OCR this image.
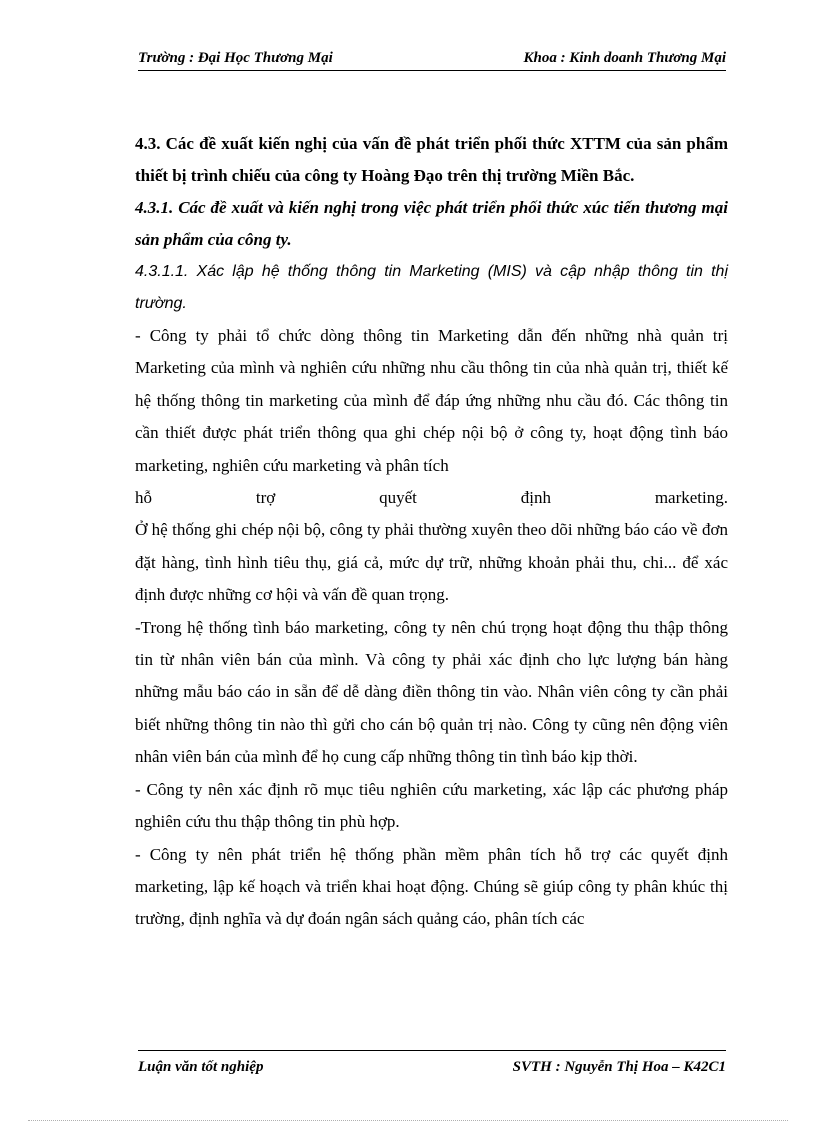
Trường : Đại Học Thương Mại	Khoa : Kinh doanh Thương Mại

4.3. Các đề xuất kiến nghị của vấn đề phát triển phối thức XTTM của sản phẩm thiết bị trình chiếu của công ty Hoàng Đạo trên thị trường Miền Bắc.

4.3.1. Các đề xuất và kiến nghị trong việc phát triển phối thức xúc tiến thương mại sản phẩm của công ty.

4.3.1.1. Xác lập hệ thống thông tin Marketing (MIS) và cập nhập thông tin thị trường.

- Công ty phải tổ chức dòng thông tin Marketing dẫn đến những nhà quản trị Marketing của mình và nghiên cứu những nhu cầu thông tin của nhà quản trị, thiết kế hệ thống thông tin marketing của mình để đáp ứng những nhu cầu đó. Các thông tin cần thiết được phát triển thông qua ghi chép nội bộ ở công ty, hoạt động tình báo marketing, nghiên cứu marketing và phân tích

hỗ	trợ	quyết	định	marketing.

Ở hệ thống ghi chép nội bộ, công ty phải thường xuyên theo dõi những báo cáo về đơn đặt hàng, tình hình tiêu thụ, giá cả, mức dự trữ, những khoản phải thu, chi... để xác định được những cơ hội và vấn đề quan trọng.

-Trong hệ thống tình báo marketing, công ty nên chú trọng hoạt động thu thập thông tin từ nhân viên bán của mình. Và công ty phải xác định cho lực lượng bán hàng những mẫu báo cáo in sẵn để dễ dàng điền thông tin vào. Nhân viên công ty cần phải biết những thông tin nào thì gửi cho cán bộ quản trị nào. Công ty cũng nên động viên nhân viên bán của mình để họ cung cấp những thông tin tình báo kịp thời.

- Công ty nên xác định rõ mục tiêu nghiên cứu marketing, xác lập các phương pháp nghiên cứu thu thập thông tin phù hợp.

- Công ty nên phát triển hệ thống phần mềm phân tích hỗ trợ các quyết định marketing, lập kế hoạch và triển khai hoạt động. Chúng sẽ giúp công ty phân khúc thị trường, định nghĩa và dự đoán ngân sách quảng cáo, phân tích các

Luận văn tốt nghiệp	SVTH : Nguyễn Thị Hoa – K42C1
